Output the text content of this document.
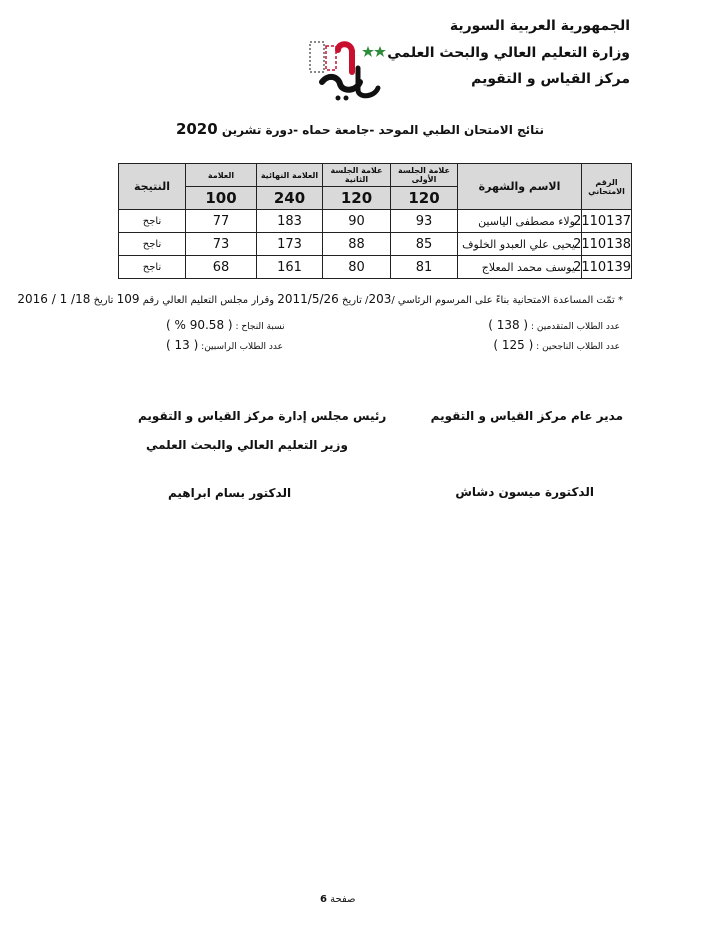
الجمهورية العربية السورية
وزارة التعليم العالي والبحث العلمي
مركز القياس و التقويم
نتائج الامتحان الطبي الموحد -جامعة حماه -دورة تشرين 2020
الرقم الامتحاني	الاسم والشهرة	علامة الجلسة الأولى	علامة الجلسة الثانية	العلامة النهائية	العلامة	النتيجة
		120	120	240	100	
2110137	ولاء مصطفى الياسين	93	90	183	77	ناجح
2110138	يحيى علي العبدو الخلوف	85	88	173	73	ناجح
2110139	يوسف محمد المعلاج	81	80	161	68	ناجح
* تمّت المساعدة الامتحانية بناءً على المرسوم الرئاسي /203/ تاريخ 2011/5/26 وقرار مجلس التعليم العالي رقم 109 تاريخ 18/ 1 / 2016
عدد الطلاب المتقدمين : ( 138 )
عدد الطلاب الناجحين : ( 125 )
نسبة النجاح : ( 90.58 % )
عدد الطلاب الراسبين: ( 13 )
رئيس مجلس إدارة مركز القياس و التقويم
وزير التعليم العالي والبحث العلمي
الدكتور بسام ابراهيم
مدير عام مركز القياس و التقويم
الدكتورة ميسون دشاش
صفحة 6
